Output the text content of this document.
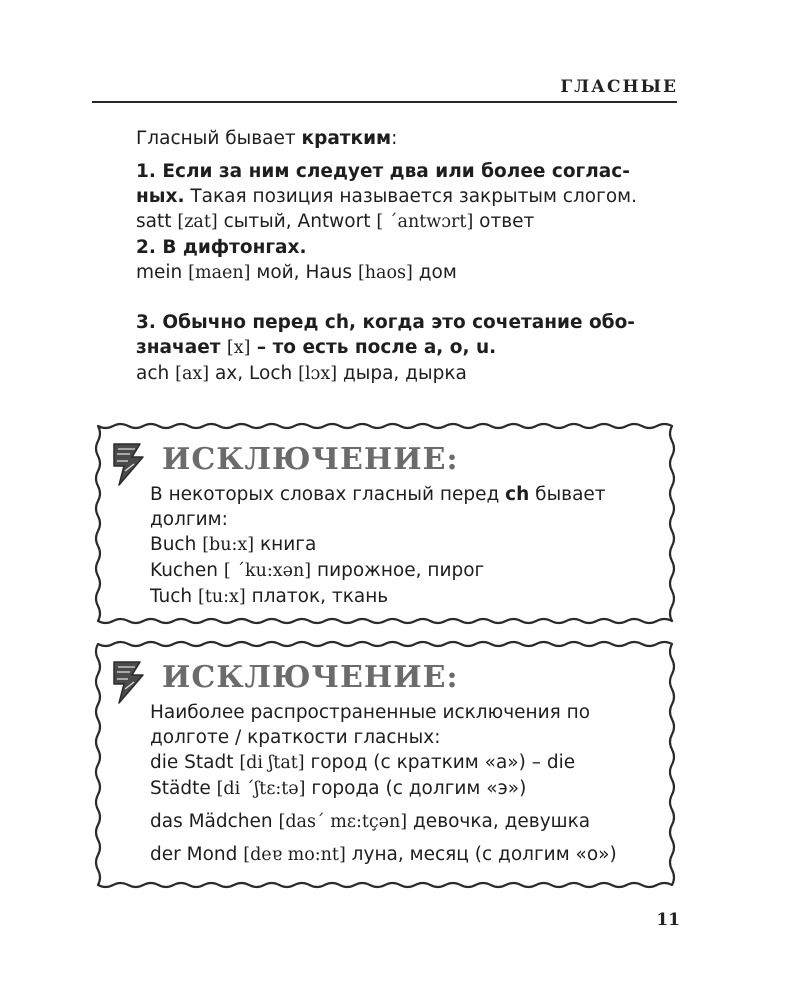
ГЛАСНЫЕ

Гласный бывает кратким:

1. Если за ним следует два или более соглас-

ных. Такая позиция называется закрытым слогом.

satt [zat] сытый, Antwort [ ´antwɔrt] ответ

2. В дифтонгах.

mein [maen] мой, Haus [haos] дом

3. Обычно перед ch, когда это сочетание обо-

значает [x] – то есть после a, o, u.

ach [ax] ах, Loch [lɔx] дыра, дырка

ИСКЛЮЧЕНИЕ:

В некоторых словах гласный перед ch бывает

долгим:

Buch [bu:x] книга

Kuchen [ ´ku:xən] пирожное, пирог

Tuch [tu:x] платок, ткань

ИСКЛЮЧЕНИЕ:

Наиболее распространенные исключения по

долготе / краткости гласных:

die Stadt [di ʃtat] город (с кратким «а») – die

Städte [di ´ʃtɛ:tə] города (с долгим «э»)

das Mädchen [das´ mɛ:tçən] девочка, девушка

der Mond [deɐ mo:nt] луна, месяц (с долгим «о»)

11
